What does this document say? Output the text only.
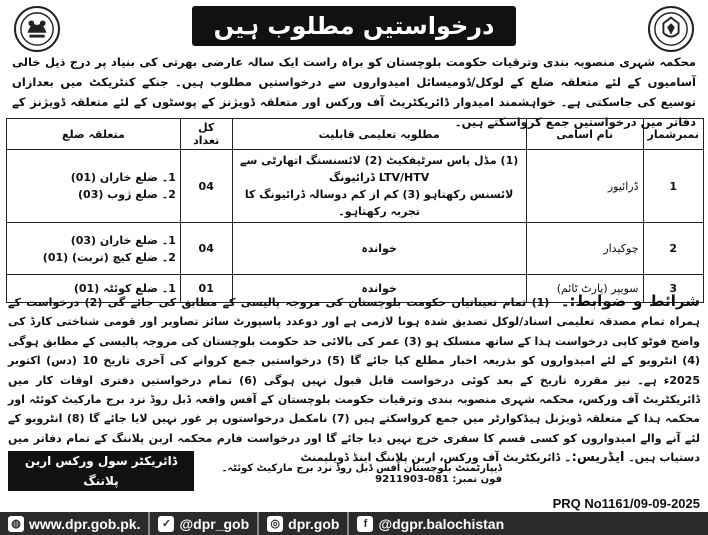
درخواستیں مطلوب ہیں

محکمہ شہری منصوبہ بندی وترقیات حکومت بلوچستان کو براہ راست ایک سالہ عارضی بھرتی کی بنیاد پر درج ذیل خالی آسامیوں کے لئے متعلقہ ضلع کے لوکل/ڈومیسائل امیدواروں سے درخواستیں مطلوب ہیں۔ جنکے کنٹریکٹ میں بعدازاں توسیع کی جاسکتی ہے۔ خواہشمند امیدوار ڈائریکٹریٹ آف ورکس اور متعلقہ ڈویژنز کے پوسٹوں کے لئے متعلقہ ڈویژنز کے دفاتر میں درخواستیں جمع کرواسکتے ہیں۔

نمبرشمار	نام اسامی	مطلوبہ تعلیمی قابلیت	کل تعداد	متعلقہ ضلع
1	ڈرائیور	(1) مڈل پاس سرٹیفکیٹ (2) لائسنسنگ اتھارٹی سے LTV/HTV ڈرائیونگ
لائسنس رکھتاہو (3) کم از کم دوسالہ ڈرائیونگ کا تجربہ رکھتاہو۔	04	1۔ ضلع خاران (01)
2۔ ضلع ژوب (03)

2	چوکیدار	خواندہ	04	1۔ ضلع خاران (03)
2۔ ضلع کیچ (تربت) (01)

3	سویپر (پارٹ ٹائم)	خواندہ	01	1۔ ضلع کوئٹہ (01)

شرائط و ضوابط:۔ (1) تمام تعیناتیاں حکومت بلوچستان کی مروجہ پالیسی کے مطابق کی جائے گی (2) درخواست کے ہمراہ تمام مصدقہ تعلیمی اسناد/لوکل تصدیق شدہ ہونا لازمی ہے اور دوعدد پاسپورٹ سائز تصاویر اور قومی شناختی کارڈ کی واضح فوٹو کاپی درخواست ہذا کے ساتھ منسلک ہو (3) عمر کی بالائی حد حکومت بلوچستان کی مروجہ پالیسی کے مطابق ہوگی (4) انٹرویو کے لئے امیدواروں کو بذریعہ اخبار مطلع کیا جائے گا (5) درخواستیں جمع کروانے کی آخری تاریخ 10 (دس) اکتوبر 2025ء ہے۔ نیز مقررہ تاریخ کے بعد کوئی درخواست قابل قبول نہیں ہوگی (6) تمام درخواستیں دفتری اوقات کار میں ڈائریکٹریٹ آف ورکس، محکمہ شہری منصوبہ بندی وترقیات حکومت بلوچستان کے آفس واقعہ ڈبل روڈ نزد برج مارکیٹ کوئٹہ اور محکمہ ہذا کے متعلقہ ڈویژنل ہیڈکوارٹر میں جمع کرواسکتے ہیں (7) نامکمل درخواستوں پر غور نہیں لایا جائے گا (8) انٹرویو کے لئے آنے والے امیدواروں کو کسی قسم کا سفری خرچ نہیں دیا جائے گا اور درخواست فارم محکمہ اربن پلاننگ کے تمام دفاتر میں دستیاب ہیں۔ ایڈریس:۔ ڈائریکٹریٹ آف ورکس، اربن پلاننگ اینڈ ڈویلپمنٹ

ڈائریکٹر سول ورکس اربن پلاننگ
اینڈ ڈویلپمنٹ ڈیپارٹمنٹ کوئٹہ
ڈیپارٹمنٹ بلوچستان آفس ڈبل روڈ نزد برج مارکیٹ کوئٹہ۔ فون نمبر: 081-9211903
PRQ No1161/09-09-2025
◍ www.dpr.gob.pk.	✓ @dpr_gob ◎ dpr.gob	f @dgpr.balochistan
